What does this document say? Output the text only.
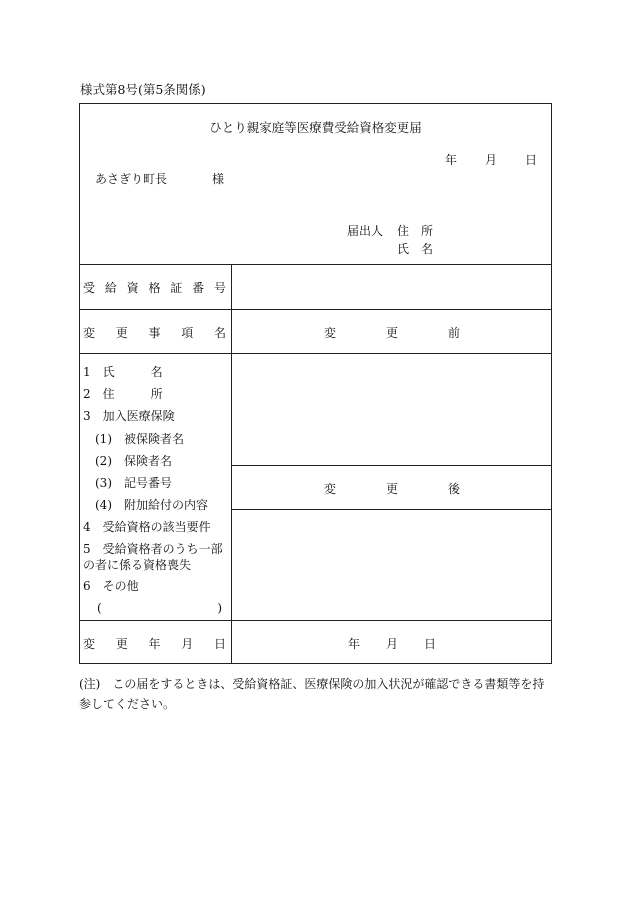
様式第8号(第5条関係)
ひとり親家庭等医療費受給資格変更届
年 月 日
あさぎり町長	様
届出人 住　所
氏　名
受 給 資 格 証 番 号
変 更 事 項 名	変	更	前
1　氏　　　名
2　住　　　所
3　加入医療保険
　(1)　被保険者名
　(2)　保険者名
　(3)　記号番号
　(4)　附加給付の内容
4　受給資格の該当要件
5　受給資格者のうち一部の者に係る資格喪失
6　その他
(	)
変	更	後
変 更 年 月 日	年 月 日
(注)　この届をするときは、受給資格証、医療保険の加入状況が確認できる書類等を持参してください。
